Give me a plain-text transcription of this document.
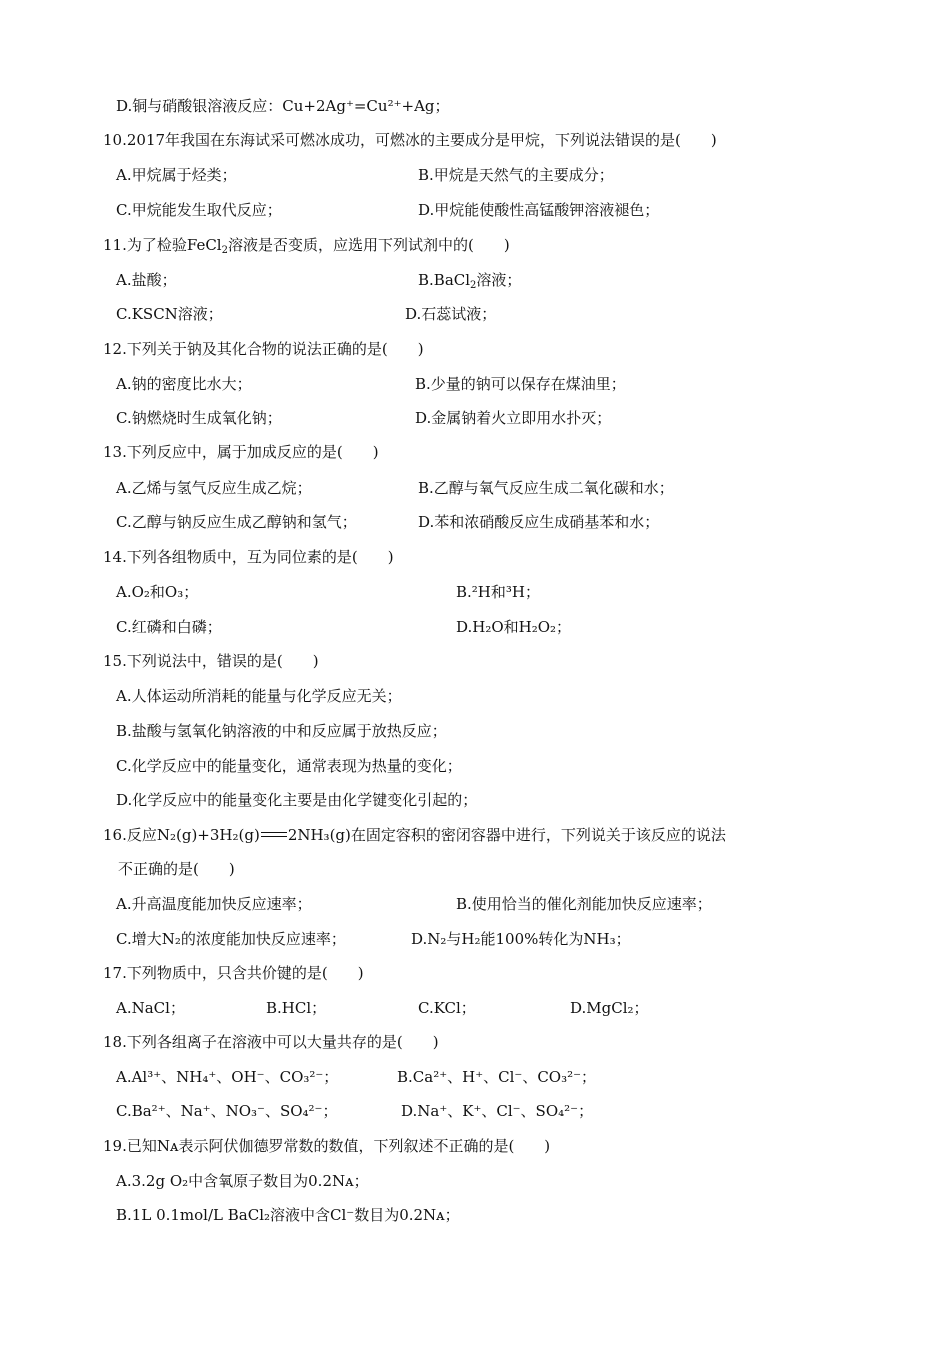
D.铜与硝酸银溶液反应：Cu+2Ag⁺=Cu²⁺+Ag；
10.2017年我国在东海试采可燃冰成功，可燃冰的主要成分是甲烷，下列说法错误的是(　　)
A.甲烷属于烃类；	B.甲烷是天然气的主要成分；
C.甲烷能发生取代反应；	D.甲烷能使酸性高锰酸钾溶液褪色；
11.为了检验FeCl$_2$溶液是否变质，应选用下列试剂中的(　　)
A.盐酸；	B.BaCl$_2$溶液；
C.KSCN溶液；	D.石蕊试液；
12.下列关于钠及其化合物的说法正确的是(　　)
A.钠的密度比水大；	B.少量的钠可以保存在煤油里；
C.钠燃烧时生成氧化钠；	D.金属钠着火立即用水扑灭；
13.下列反应中，属于加成反应的是(　　)
A.乙烯与氢气反应生成乙烷；	B.乙醇与氧气反应生成二氧化碳和水；
C.乙醇与钠反应生成乙醇钠和氢气；	D.苯和浓硝酸反应生成硝基苯和水；
14.下列各组物质中，互为同位素的是(　　)
A.O₂和O₃；	B.²H和³H；
C.红磷和白磷；	D.H₂O和H₂O₂；
15.下列说法中，错误的是(　　)
A.人体运动所消耗的能量与化学反应无关；
B.盐酸与氢氧化钠溶液的中和反应属于放热反应；
C.化学反应中的能量变化，通常表现为热量的变化；
D.化学反应中的能量变化主要是由化学键变化引起的；
16.反应N₂(g)+3H₂(g) 2NH₃(g)在固定容积的密闭容器中进行，下列说关于该反应的说法
不正确的是(　　)
A.升高温度能加快反应速率；	B.使用恰当的催化剂能加快反应速率；
C.增大N₂的浓度能加快反应速率；	D.N₂与H₂能100%转化为NH₃；
17.下列物质中，只含共价键的是(　　)
A.NaCl；	B.HCl；	C.KCl；	D.MgCl₂；
18.下列各组离子在溶液中可以大量共存的是(　　)
A.Al³⁺、NH₄⁺、OH⁻、CO₃²⁻；	B.Ca²⁺、H⁺、Cl⁻、CO₃²⁻；
C.Ba²⁺、Na⁺、NO₃⁻、SO₄²⁻；	D.Na⁺、K⁺、Cl⁻、SO₄²⁻；
19.已知Nᴀ表示阿伏伽德罗常数的数值，下列叙述不正确的是(　　)
A.3.2g O₂中含氧原子数目为0.2Nᴀ；
B.1L 0.1mol/L BaCl₂溶液中含Cl⁻数目为0.2Nᴀ；
